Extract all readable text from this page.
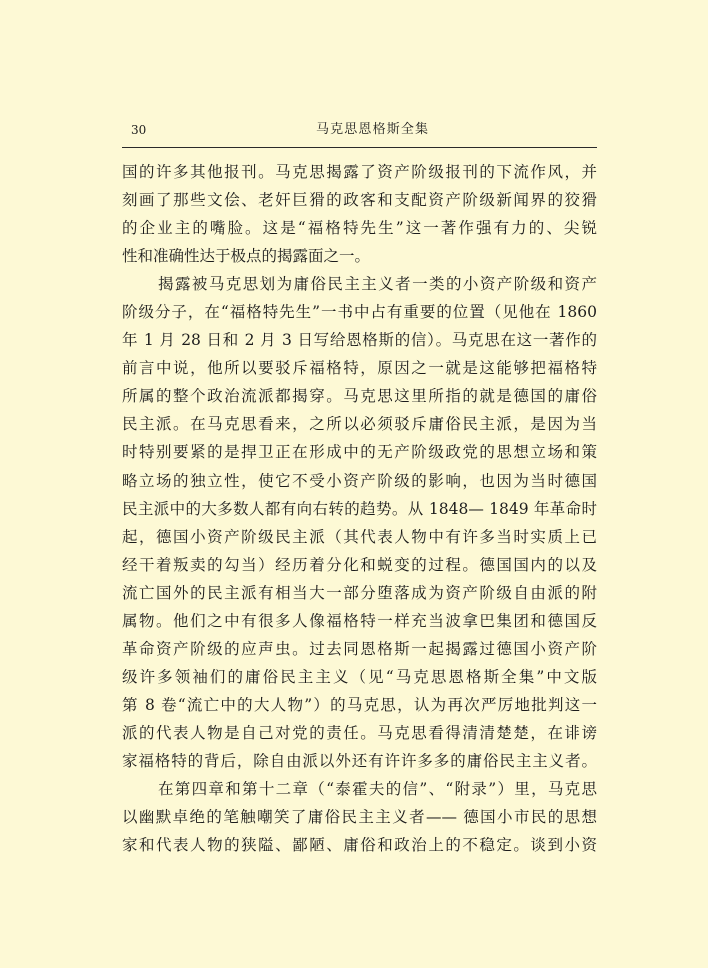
30	马克思恩格斯全集
国的许多其他报刊。马克思揭露了资产阶级报刊的下流作风，并
刻画了那些文侩、老奸巨猾的政客和支配资产阶级新闻界的狡猾
的企业主的嘴脸。这是“福格特先生”这一著作强有力的、尖锐
性和准确性达于极点的揭露面之一。
揭露被马克思划为庸俗民主主义者一类的小资产阶级和资产
阶级分子，在“福格特先生”一书中占有重要的位置（见他在 1860
年 1 月 28 日和 2 月 3 日写给恩格斯的信）。马克思在这一著作的
前言中说，他所以要驳斥福格特，原因之一就是这能够把福格特
所属的整个政治流派都揭穿。马克思这里所指的就是德国的庸俗
民主派。在马克思看来，之所以必须驳斥庸俗民主派，是因为当
时特别要紧的是捍卫正在形成中的无产阶级政党的思想立场和策
略立场的独立性，使它不受小资产阶级的影响，也因为当时德国
民主派中的大多数人都有向右转的趋势。从 1848— 1849 年革命时
起，德国小资产阶级民主派（其代表人物中有许多当时实质上已
经干着叛卖的勾当）经历着分化和蜕变的过程。德国国内的以及
流亡国外的民主派有相当大一部分堕落成为资产阶级自由派的附
属物。他们之中有很多人像福格特一样充当波拿巴集团和德国反
革命资产阶级的应声虫。过去同恩格斯一起揭露过德国小资产阶
级许多领袖们的庸俗民主主义（见“马克思恩格斯全集”中文版
第 8 卷“流亡中的大人物”）的马克思，认为再次严厉地批判这一
派的代表人物是自己对党的责任。马克思看得清清楚楚，在诽谤
家福格特的背后，除自由派以外还有许许多多的庸俗民主主义者。
在第四章和第十二章（“泰霍夫的信”、“附录”）里，马克思
以幽默卓绝的笔触嘲笑了庸俗民主主义者—— 德国小市民的思想
家和代表人物的狭隘、鄙陋、庸俗和政治上的不稳定。谈到小资
